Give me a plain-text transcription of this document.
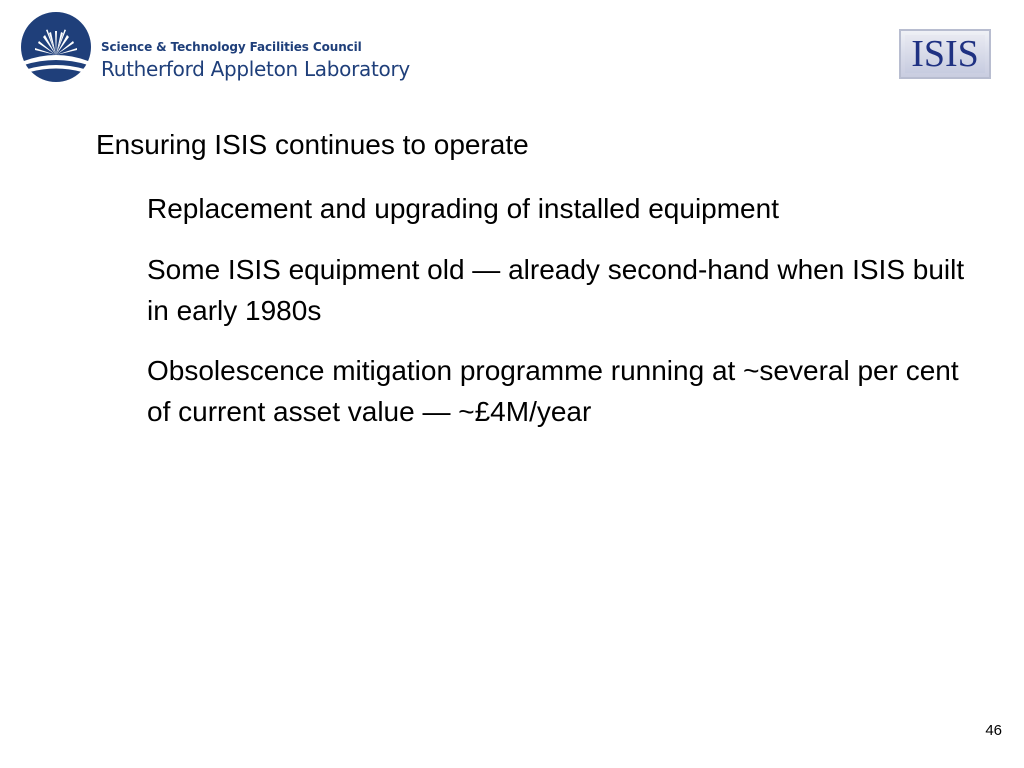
Science & Technology Facilities Council
Rutherford Appleton Laboratory	ISIS
Ensuring ISIS continues to operate
Replacement and upgrading of installed equipment
Some ISIS equipment old — already second-hand when ISIS built in early 1980s
Obsolescence mitigation programme running at ~several per cent of current asset value — ~£4M/year
46
